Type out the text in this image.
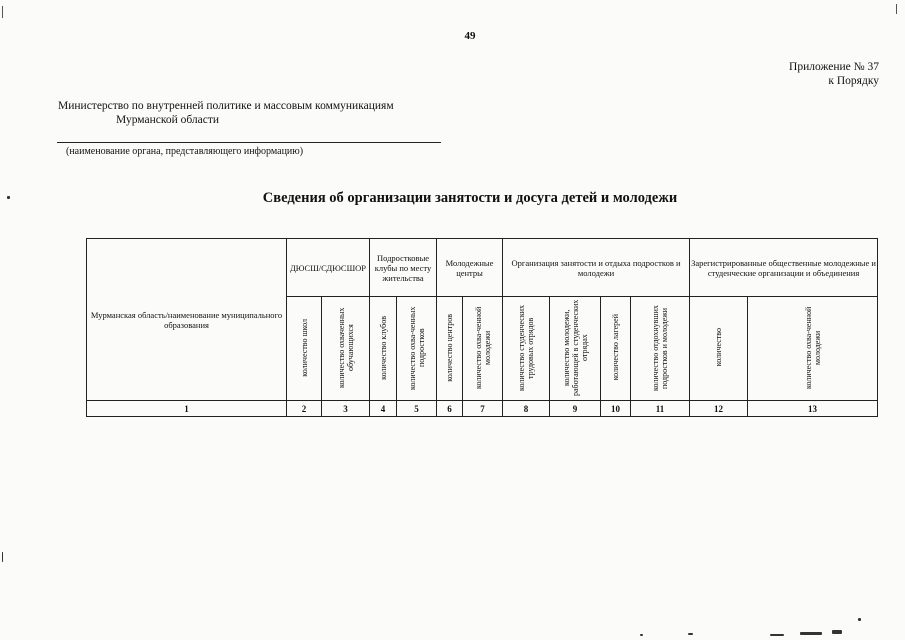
49
Приложение № 37
к Порядку
Министерство по внутренней политике и массовым коммуникациям
Мурманской области
(наименование органа, представляющего информацию)
Сведения об организации занятости и досуга детей и молодежи
Мурманская область/наименование муниципального образования	ДЮСШ/СДЮСШОР		Подростковые клубы по месту жительства		Молодежные центры		Организация занятости и отдыха подростков и молодежи				Зарегистрированные общественные молодежные и студенческие организации и объединения	
	количество школ	количество охваченных обучающихся	количество клубов	количество охва-ченных подростков	количество центров	количество охва-ченной молодежи	количество студенческих трудовых отрядов	количество молодежи, работающей в студенческих отрядах	количество лагерей	количество отдохнувших подростков и молодежи	количество	количество охва-ченной молодежи
1	2	3	4	5	6	7	8	9	10	11	12	13
